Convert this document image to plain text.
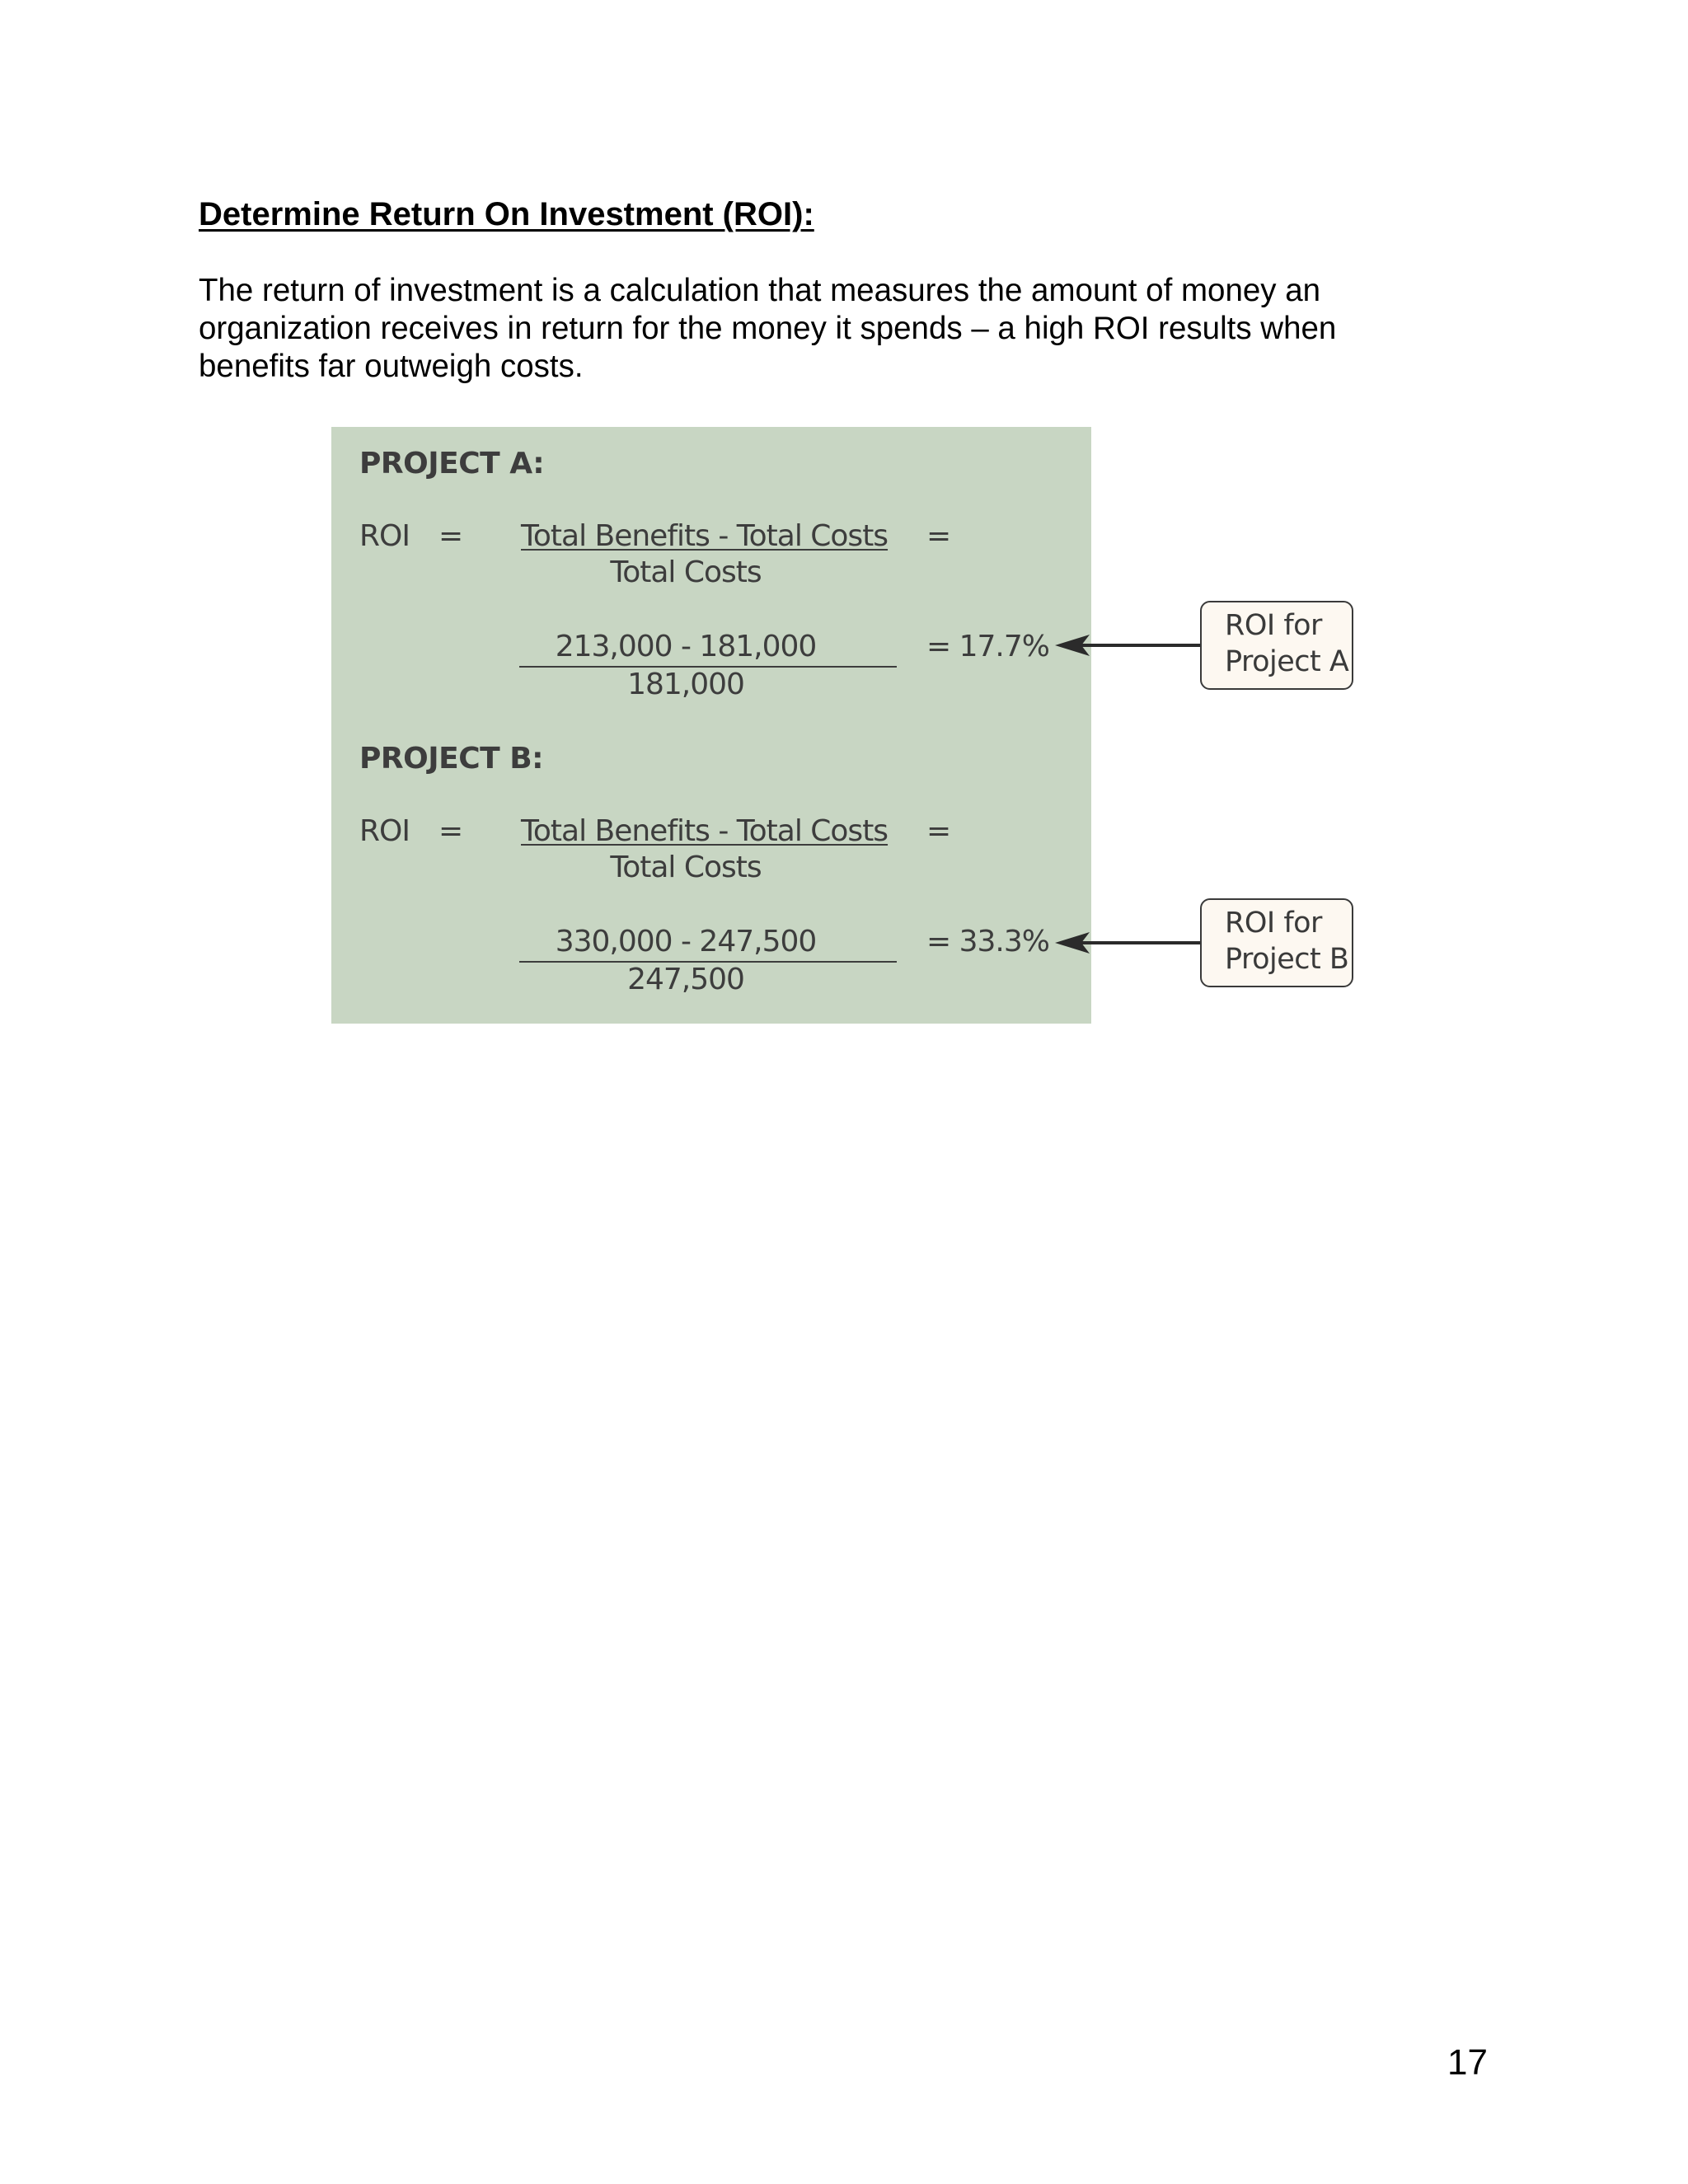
Determine Return On Investment (ROI):
The return of investment is a calculation that measures the amount of money an
organization receives in return for the money it spends – a high ROI results when
benefits far outweigh costs.
PROJECT A:
ROI = Total Benefits - Total Costs =
Total Costs
213,000 - 181,000
181,000
= 17.7%
PROJECT B:
ROI = Total Benefits - Total Costs =
Total Costs
330,000 - 247,500
247,500
= 33.3%
ROI for
Project A
ROI for
Project B
17
